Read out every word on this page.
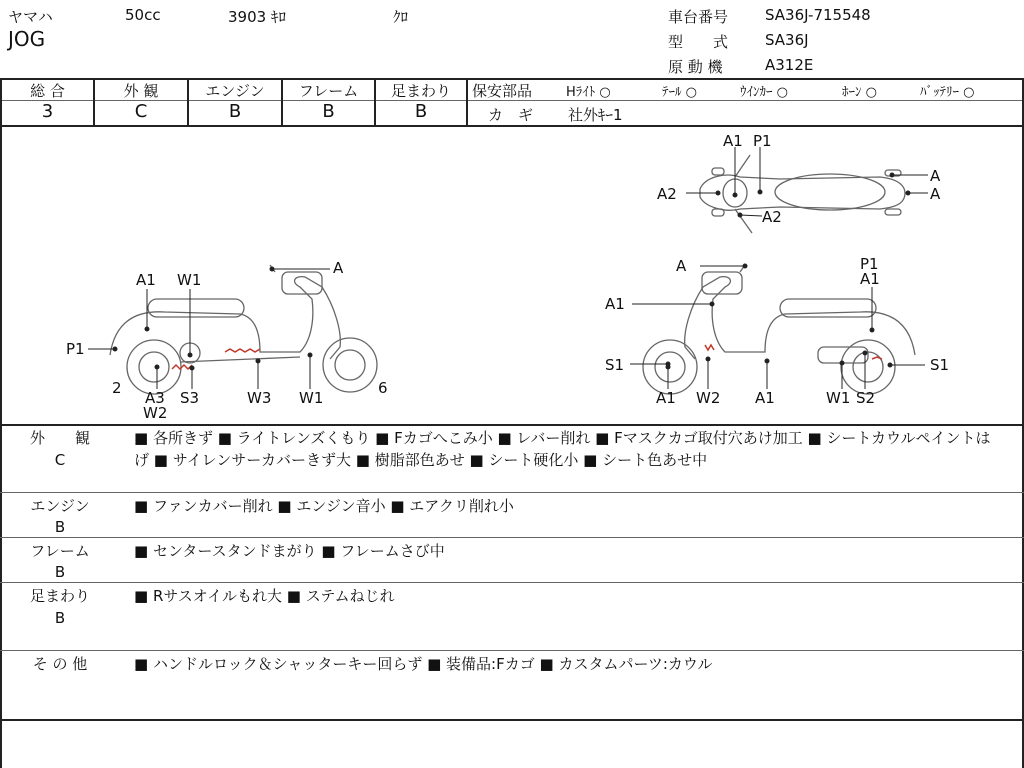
ヤマハ	50cc	3903 ｷﾛ	ｸﾛ
JOG
車台番号 SA36J-715548
型　　式 SA36J
原 動 機	A312E
総 合	外 観	エンジン	フレーム	足まわり
3	C	B	B	B
保安部品	Hﾗｲﾄ ○	ﾃｰﾙ ○	ｳｲﾝｶｰ ○	ﾎｰﾝ ○	ﾊﾞｯﾃﾘｰ ○
カ　ギ 社外ｷｰ1
A1 P1
A2
A2
A
A
A1 W1
A
P1
2
A3
W2
S3	W3 W1
6
A	P1
A1
A1
S1	S1
A1 W2 A1	W1 S2
外　　観
C
■ 各所きず ■ ライトレンズくもり ■ Fカゴへこみ小 ■ レバー削れ ■ Fマスクカゴ取付穴あけ加工 ■ シートカウルペイントはげ ■ サイレンサーカバーきず大 ■ 樹脂部色あせ ■ シート硬化小 ■ シート色あせ中
エンジン
B
■ ファンカバー削れ ■ エンジン音小 ■ エアクリ削れ小
フレーム
B
■ センタースタンドまがり ■ フレームさび中
足まわり
B
■ Rサスオイルもれ大 ■ ステムねじれ
そ の 他	■ ハンドルロック＆シャッターキー回らず ■ 装備品:Fカゴ ■ カスタムパーツ:カウル
